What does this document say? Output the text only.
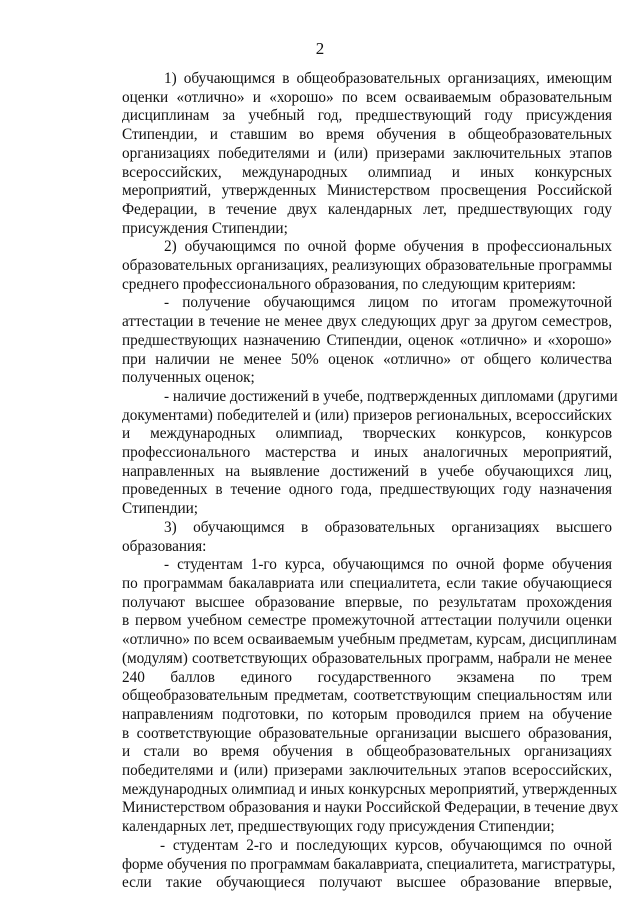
2
1) обучающимся в общеобразовательных организациях, имеющим
оценки «отлично» и «хорошо» по всем осваиваемым образовательным
дисциплинам за учебный год, предшествующий году присуждения
Стипендии, и ставшим во время обучения в общеобразовательных
организациях победителями и (или) призерами заключительных этапов
всероссийских, международных олимпиад и иных конкурсных
мероприятий, утвержденных Министерством просвещения Российской
Федерации, в течение двух календарных лет, предшествующих году
присуждения Стипендии;
2) обучающимся по очной форме обучения в профессиональных
образовательных организациях, реализующих образовательные программы
среднего профессионального образования, по следующим критериям:
- получение обучающимся лицом по итогам промежуточной
аттестации в течение не менее двух следующих друг за другом семестров,
предшествующих назначению Стипендии, оценок «отлично» и «хорошо»
при наличии не менее 50% оценок «отлично» от общего количества
полученных оценок;
- наличие достижений в учебе, подтвержденных дипломами (другими
документами) победителей и (или) призеров региональных, всероссийских
и международных олимпиад, творческих конкурсов, конкурсов
профессионального мастерства и иных аналогичных мероприятий,
направленных на выявление достижений в учебе обучающихся лиц,
проведенных в течение одного года, предшествующих году назначения
Стипендии;
3) обучающимся в образовательных организациях высшего
образования:
- студентам 1-го курса, обучающимся по очной форме обучения
по программам бакалавриата или специалитета, если такие обучающиеся
получают высшее образование впервые, по результатам прохождения
в первом учебном семестре промежуточной аттестации получили оценки
«отлично» по всем осваиваемым учебным предметам, курсам, дисциплинам
(модулям) соответствующих образовательных программ, набрали не менее
240 баллов единого государственного экзамена по трем
общеобразовательным предметам, соответствующим специальностям или
направлениям подготовки, по которым проводился прием на обучение
в соответствующие образовательные организации высшего образования,
и стали во время обучения в общеобразовательных организациях
победителями и (или) призерами заключительных этапов всероссийских,
международных олимпиад и иных конкурсных мероприятий, утвержденных
Министерством образования и науки Российской Федерации, в течение двух
календарных лет, предшествующих году присуждения Стипендии;
- студентам 2-го и последующих курсов, обучающимся по очной
форме обучения по программам бакалавриата, специалитета, магистратуры,
если такие обучающиеся получают высшее образование впервые,
